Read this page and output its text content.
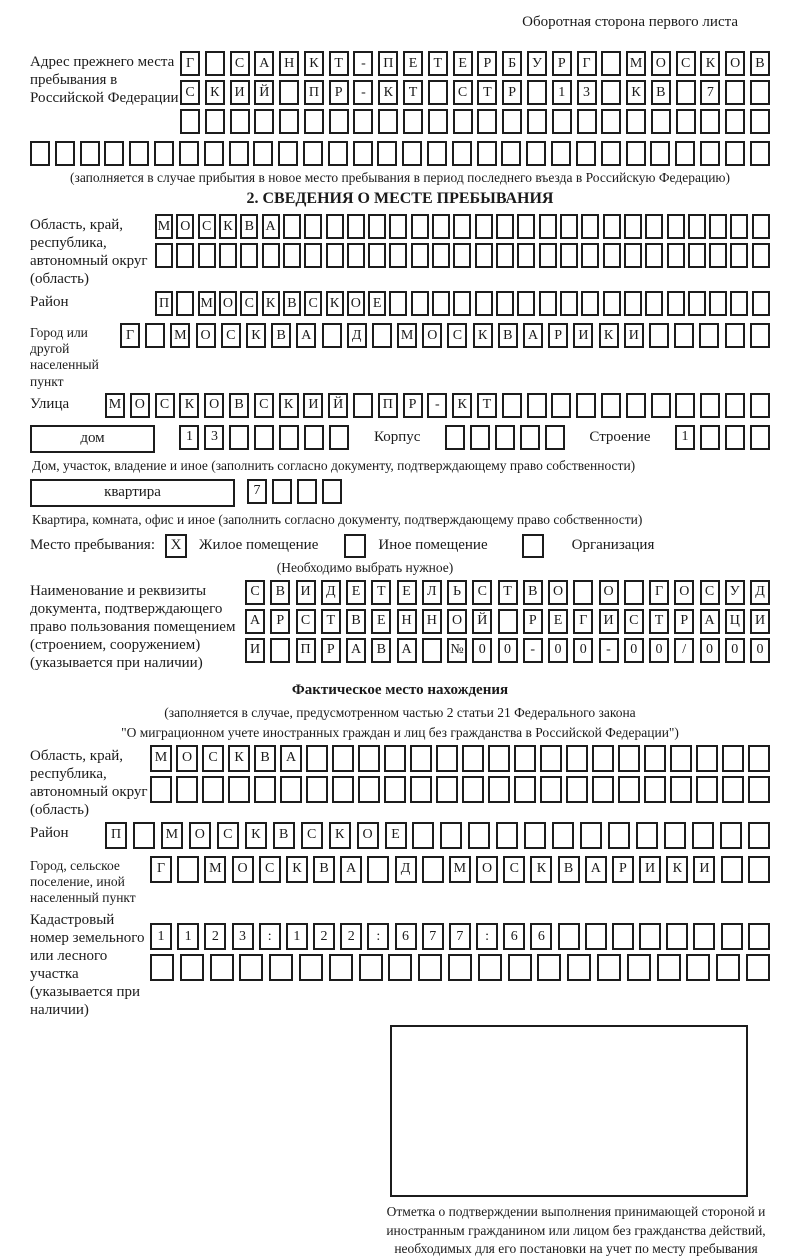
Оборотная сторона первого листа
Адрес прежнего места пребывания в Российской Федерации
Г	С	А	Н	К	Т	-	П	Е	Т	Е	Р	Б	У	Р	Г	М О	С	К	О	В
С	К	И	Й	П	Р	-	К	Т	С	Т	Р	1	3	К	В	7
(заполняется в случае прибытия в новое место пребывания в период последнего въезда в Российскую Федерацию)
2. СВЕДЕНИЯ О МЕСТЕ ПРЕБЫВАНИЯ
Область, край, республика, автономный округ (область)
М О С К В А
Район	П М О С К В С К О Е
Город или другой населенный пункт
Г	М О	С	К	В	А	Д	М О	С	К	В	А	Р	И	К	И
Улица	М О	С	К	О	В	С	К	И	Й	П	Р	-	К	Т
дом	1	3	Корпус	Строение	1
Дом, участок, владение и иное (заполнить согласно документу, подтверждающему право собственности)
квартира	7
Квартира, комната, офис и иное (заполнить согласно документу, подтверждающему право собственности)
Место пребывания:	X	Жилое помещение	Иное помещение	Организация
(Необходимо выбрать нужное)
Наименование и реквизиты документа, подтверждающего право пользования помещением (строением, сооружением) (указывается при наличии)
С	В	И	Д	Е	Т	Е	Л	Ь	С	Т	В	О	О	Г	О	С	У	Д
А	Р	С	Т	В	Е	Н	Н	О	Й	Р	Е	Г	И	С	Т	Р	А	Ц	И
И	П	Р	А	В	А	№	0	0	-	0	0	-	0	0	/	0	0	0
Фактическое место нахождения
(заполняется в случае, предусмотренном частью 2 статьи 21 Федерального закона
"О миграционном учете иностранных граждан и лиц без гражданства в Российской Федерации")
Область, край, республика, автономный округ (область)
М	О	С	К	В	А
Район	П	М	О	С	К	В	С	К	О	Е
Город, сельское поселение, иной населенный пункт
Г	М	О	С	К	В	А	Д	М	О	С	К	В	А	Р	И	К	И
Кадастровый номер земельного или лесного участка (указывается при наличии)
1	1	2	3	:	1	2	2	:	6	7	7	:	6	6
Отметка о подтверждении выполнения принимающей стороной и иностранным гражданином или лицом без гражданства действий, необходимых для его постановки на учет по месту пребывания
